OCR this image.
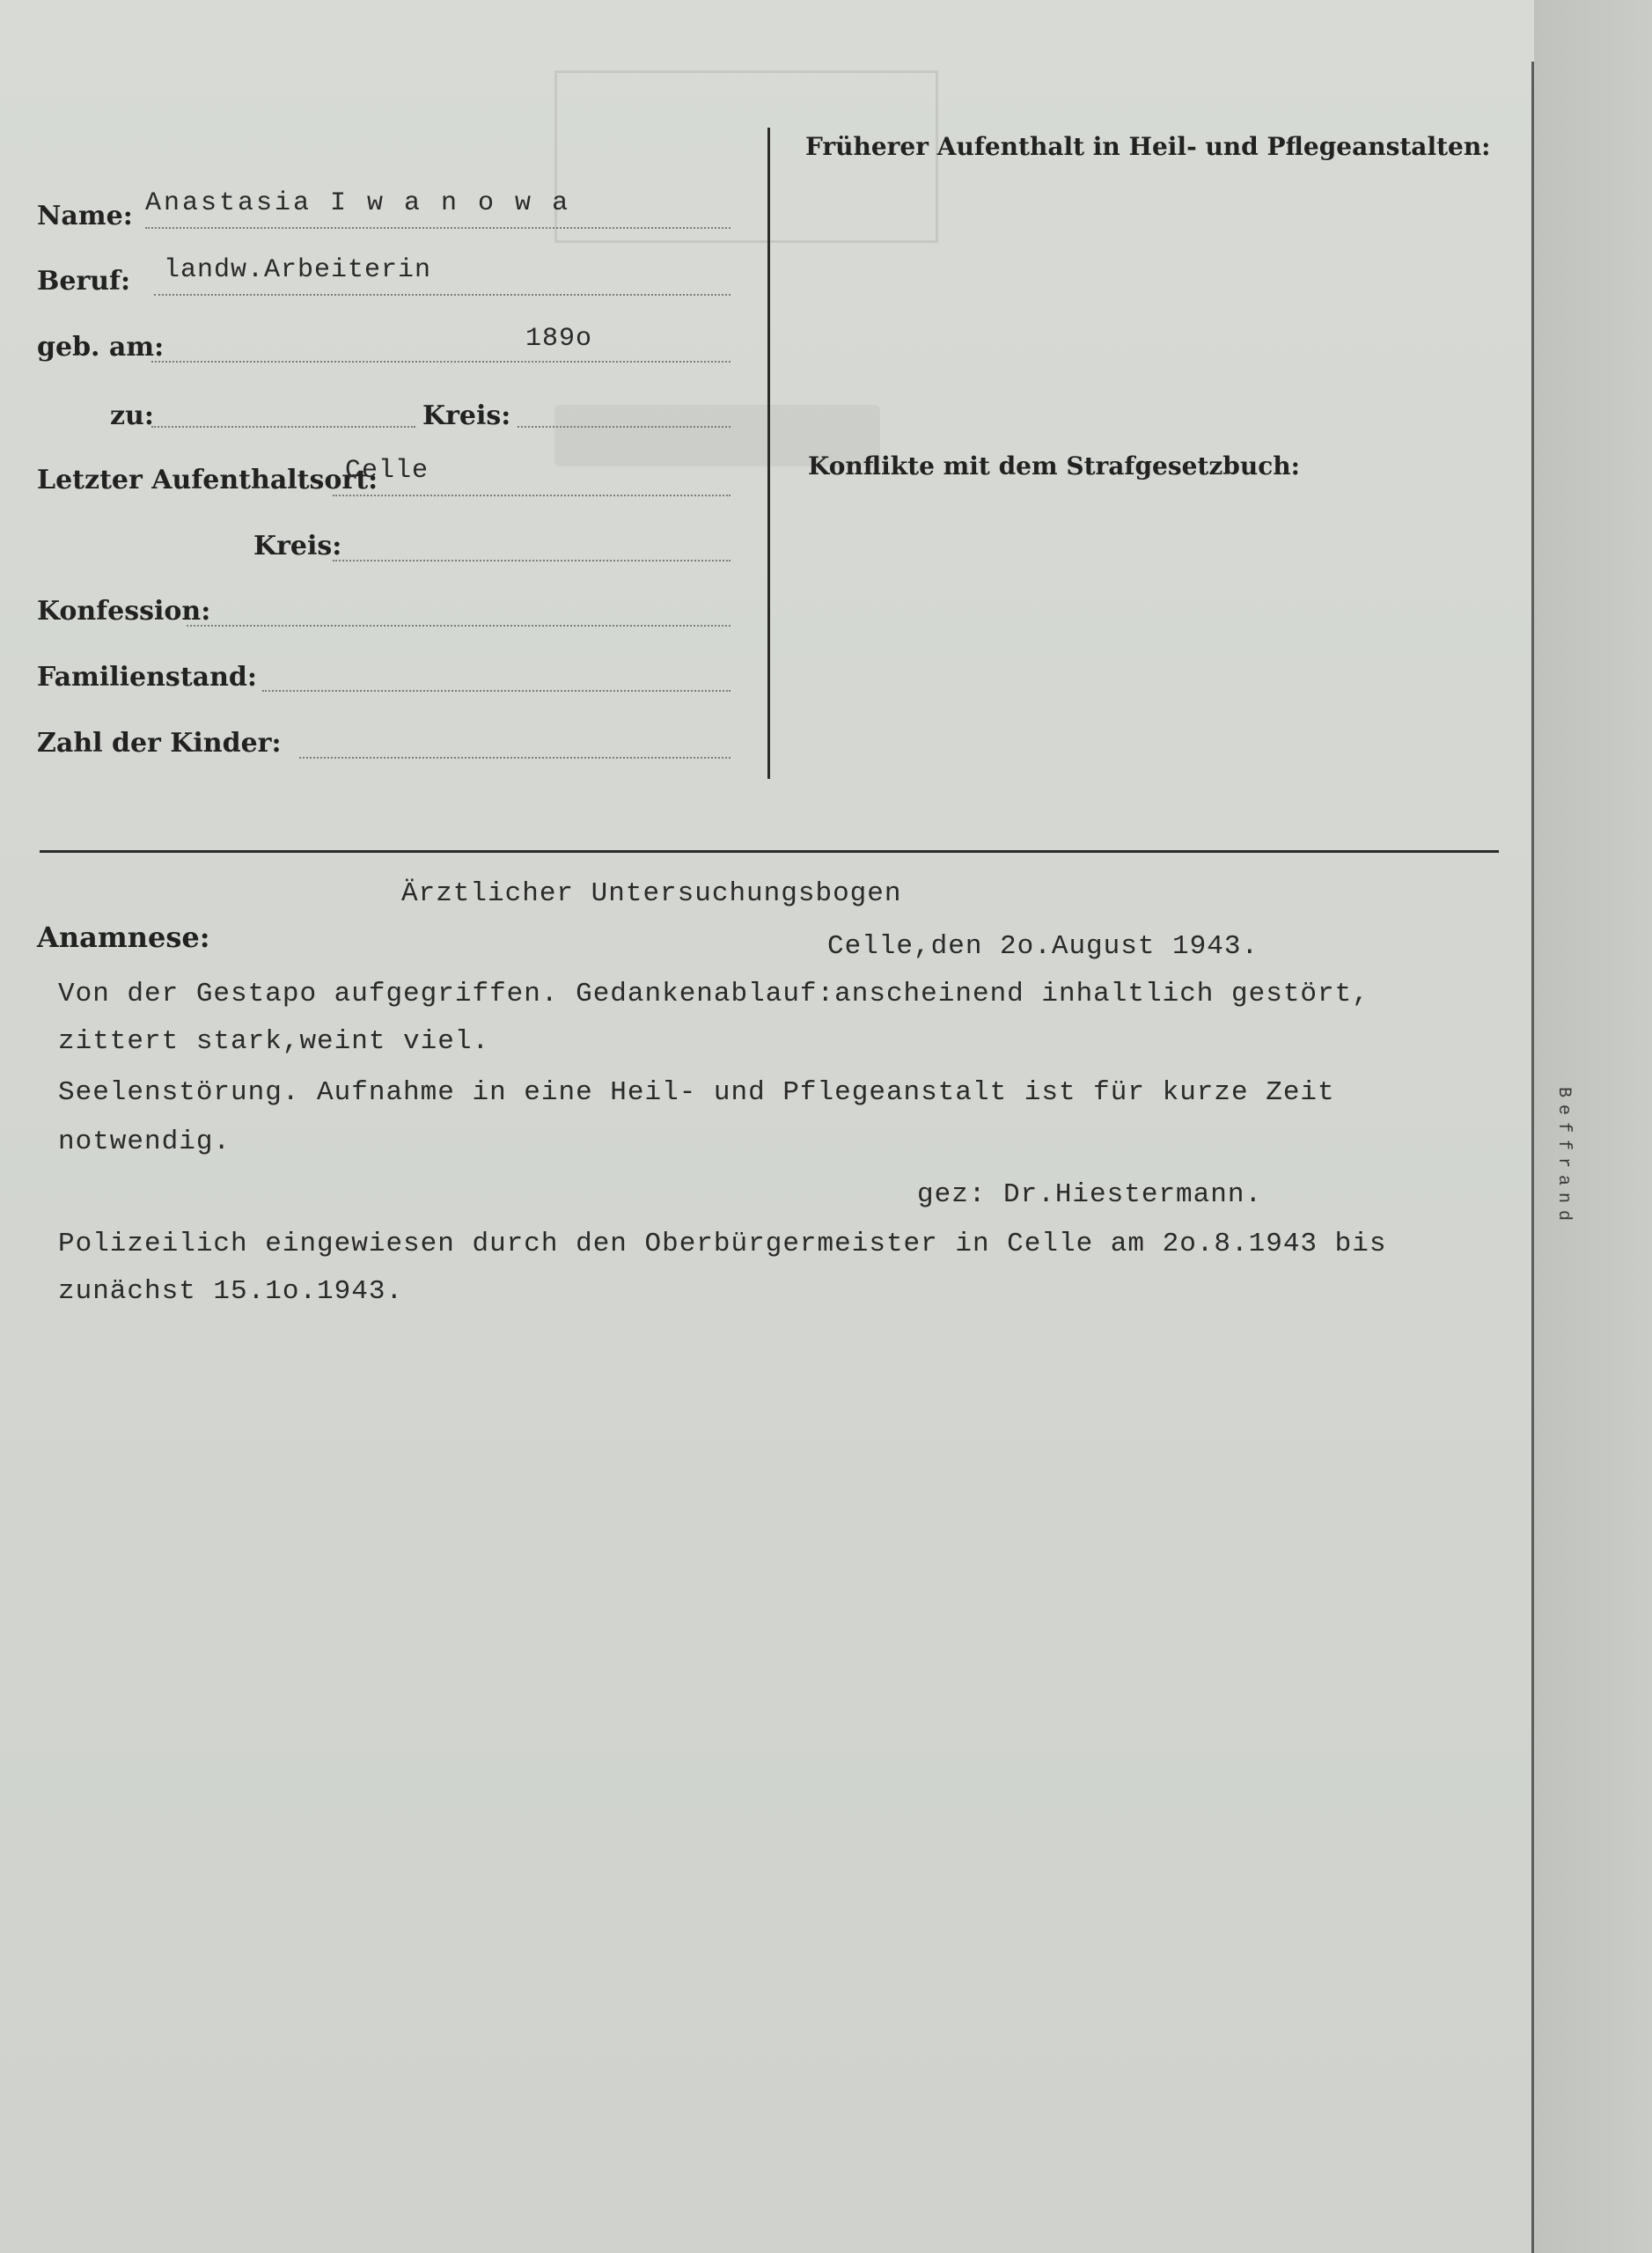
Name: Anastasia I w a n o w a
Beruf: landw.Arbeiterin
geb. am:	189o
zu:	Kreis:
Letzter Aufenthaltsort:
Celle
Kreis:
Konfession:
Familienstand:
Zahl der Kinder:
Früherer Aufenthalt in Heil- und Pflegeanstalten:
Konflikte mit dem Strafgesetzbuch:
Ärztlicher Untersuchungsbogen
Anamnese:	Celle,den 2o.August 1943.
Von der Gestapo aufgegriffen. Gedankenablauf:anscheinend inhaltlich gestört,
zittert stark,weint viel.
Seelenstörung. Aufnahme in eine Heil- und Pflegeanstalt ist für kurze Zeit
notwendig.
gez: Dr.Hiestermann.
Polizeilich eingewiesen durch den Oberbürgermeister in Celle am 2o.8.1943 bis
zunächst 15.1o.1943.
Beffrand
